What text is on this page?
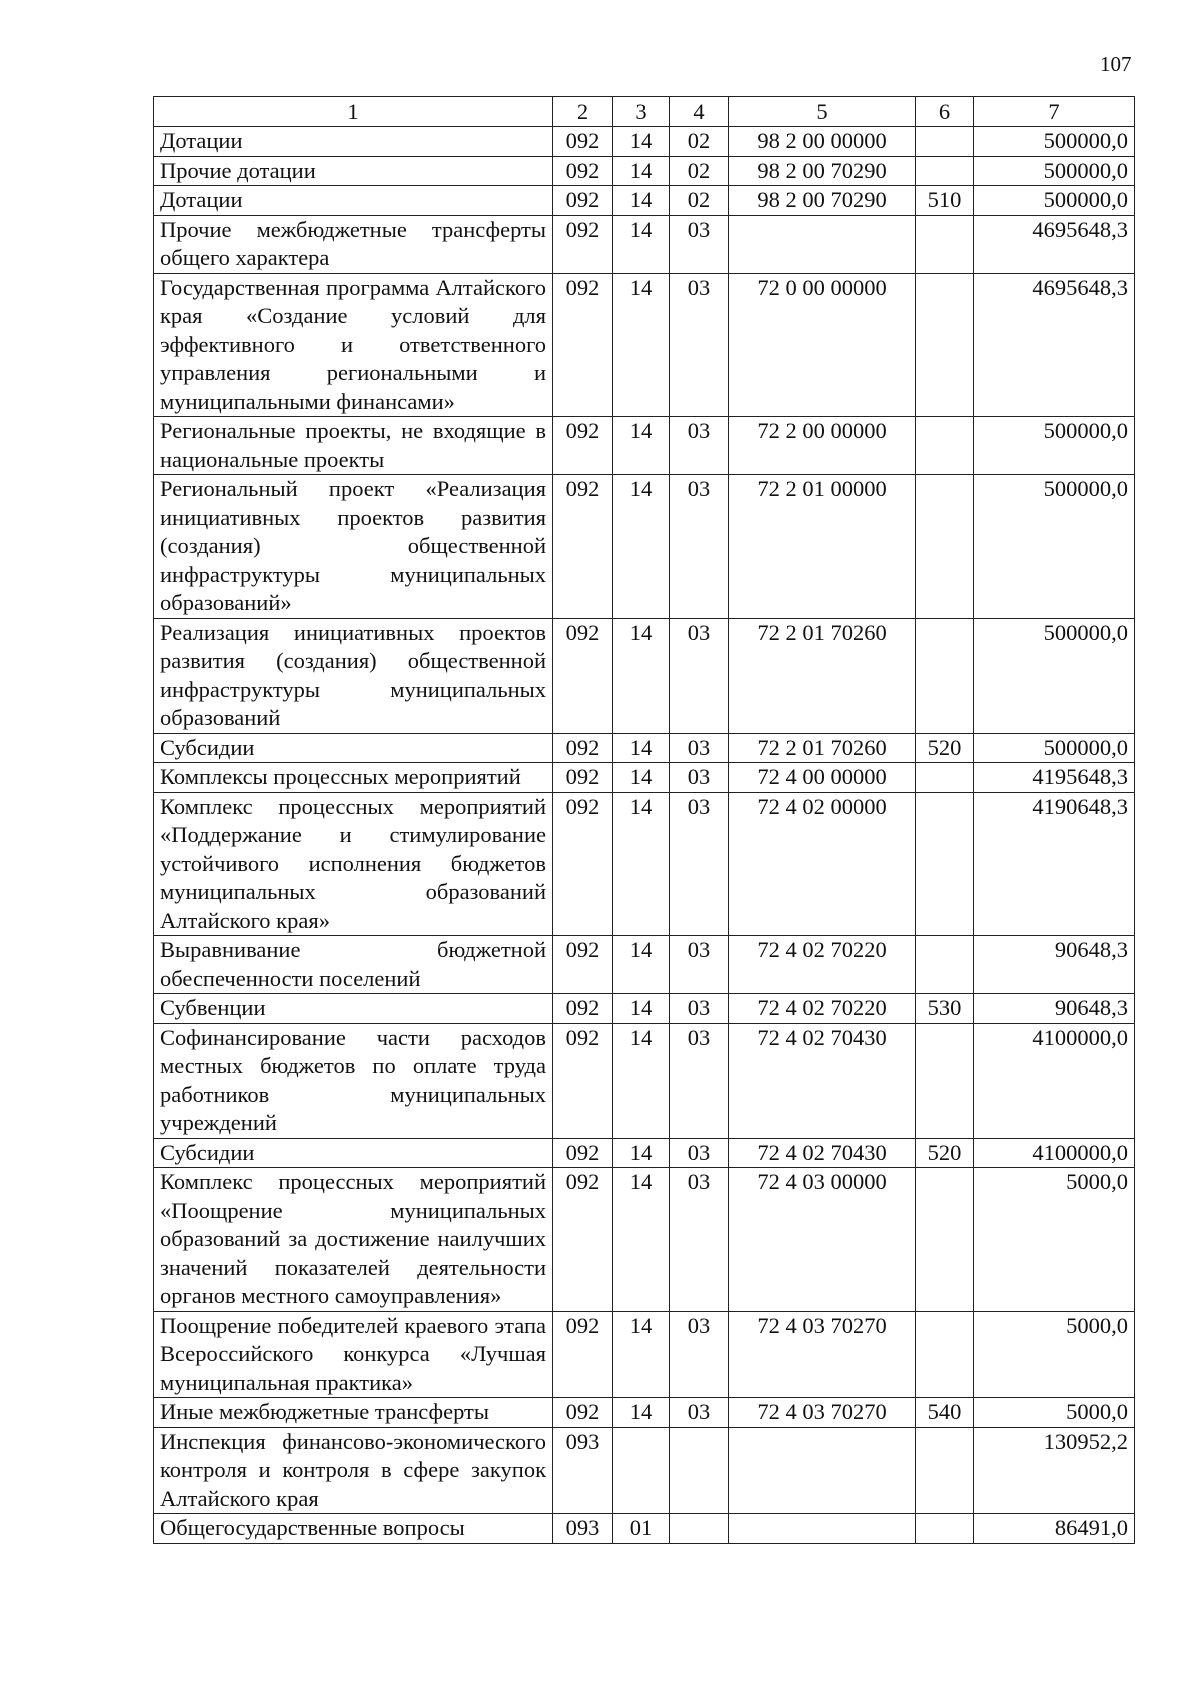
107
1	2	3	4	5	6	7
Дотации	092	14	02	98 2 00 00000		500000,0
Прочие дотации	092	14	02	98 2 00 70290		500000,0
Дотации	092	14	02	98 2 00 70290	510	500000,0
Прочие межбюджетные трансферты общего характера	092	14	03			4695648,3
Государственная программа Алтайского края «Создание условий для эффективного и ответственного управления региональными и муниципальными финансами»	092	14	03	72 0 00 00000		4695648,3
Региональные проекты, не входящие в национальные проекты	092	14	03	72 2 00 00000		500000,0
Региональный проект «Реализация инициативных проектов развития (создания) общественной инфраструктуры муниципальных образований»	092	14	03	72 2 01 00000		500000,0
Реализация инициативных проектов развития (создания) общественной инфраструктуры муниципальных образований	092	14	03	72 2 01 70260		500000,0
Субсидии	092	14	03	72 2 01 70260	520	500000,0
Комплексы процессных мероприятий	092	14	03	72 4 00 00000		4195648,3
Комплекс процессных мероприятий «Поддержание и стимулирование устойчивого исполнения бюджетов муниципальных образований Алтайского края»	092	14	03	72 4 02 00000		4190648,3
Выравнивание бюджетной обеспеченности поселений	092	14	03	72 4 02 70220		90648,3
Субвенции	092	14	03	72 4 02 70220	530	90648,3
Софинансирование части расходов местных бюджетов по оплате труда работников муниципальных учреждений	092	14	03	72 4 02 70430		4100000,0
Субсидии	092	14	03	72 4 02 70430	520	4100000,0
Комплекс процессных мероприятий «Поощрение муниципальных образований за достижение наилучших значений показателей деятельности органов местного самоуправления»	092	14	03	72 4 03 00000		5000,0
Поощрение победителей краевого этапа Всероссийского конкурса «Лучшая муниципальная практика»	092	14	03	72 4 03 70270		5000,0
Иные межбюджетные трансферты	092	14	03	72 4 03 70270	540	5000,0
Инспекция финансово-экономического контроля и контроля в сфере закупок Алтайского края	093					130952,2
Общегосударственные вопросы	093	01				86491,0
